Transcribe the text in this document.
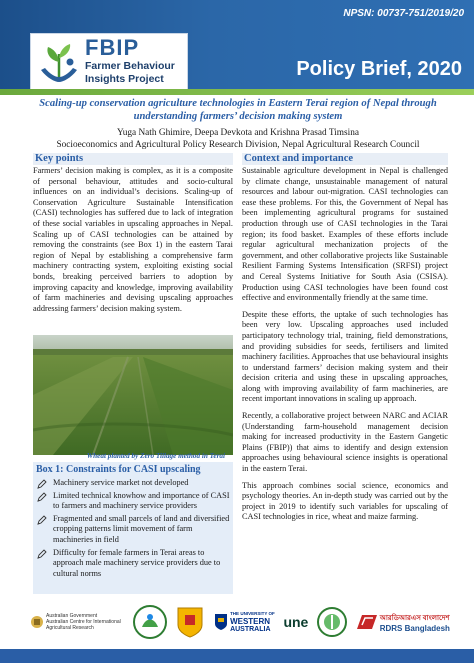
NPSN: 00737-751/2019/20
FBIP
Farmer Behaviour
Insights Project	Policy Brief, 2020
Scaling-up conservation agriculture technologies in Eastern Terai region of Nepal through understanding farmers’ decision making system
Yuga Nath Ghimire, Deepa Devkota and Krishna Prasad Timsina
Socioeconomics and Agricultural Policy Research Division, Nepal Agricultural Research Council
Key points

Farmers’ decision making is complex, as it is a composite of personal behaviour, attitudes and socio-cultural influences on an individual’s decisions. Scaling-up of Conservation Agriculture Sustainable Intensification (CASI) technologies has suffered due to lack of integration of these social variables in upscaling approaches in Nepal. Scaling up of CASI technologies can be attained by removing the constraints (see Box 1) in the eastern Tarai region of Nepal by establishing a comprehensive farm machinery contracting system, exploiting existing social bonds, breaking perceived barriers to adoption by improving capacity and knowledge, improving availability of farm machineries and devising upscaling approaches addressing farmers’ decision making system.

Wheat planted by Zero Tillage method in Terai
Box 1: Constraints for CASI upscaling
Machinery service market not developed
Limited technical knowhow and importance of CASI to farmers and machinery service providers
Fragmented and small parcels of land and diversified cropping patterns limit movement of farm machineries in field
Difficulty for female farmers in Terai areas to approach male machinery service providers due to cultural norms
Context and importance

Sustainable agriculture development in Nepal is challenged by climate change, unsustainable management of natural resources and labour out-migration. CASI technologies can ease these problems. For this, the Government of Nepal has been implementing agricultural programs for sustained production through use of CASI technologies in the Tarai region; its food basket. Examples of these efforts include regular agricultural mechanization projects of the government, and other collaborative projects like Sustainable Resilient Farming Systems Intensification (SRFSI) project and Cereal Systems Initiative for South Asia (CSISA). Production using CASI technologies have been found cost effective and environmentally friendly at the same time.

Despite these efforts, the uptake of such technologies has been very low. Upscaling approaches used included participatory technology trial, training, field demonstrations, and providing subsidies for seeds, fertilisers and limited machinery facilities. Approaches that use behavioural insights to understand farmers’ decision making system and their decision criteria and using these in upscaling approaches, along with improving availability of farm machineries, are recent important innovations in scaling up approach.

Recently, a collaborative project between NARC and ACIAR (Understanding farm-household management decision making for increased productivity in the Eastern Gangetic Plains (FBIP)) that aims to identify and design extension approaches using behavioural science insights is operational in the eastern Terai.

This approach combines social science, economics and psychology theories. An in-depth study was carried out by the project in 2019 to identify such variables for upscaling of CASI technologies in rice, wheat and maize farming.

Australian Government
Australian Centre for International Agricultural Research
THE UNIVERSITY OF
WESTERN
AUSTRALIA une	আরডিআরএস বাংলাদেশ
RDRS Bangladesh
